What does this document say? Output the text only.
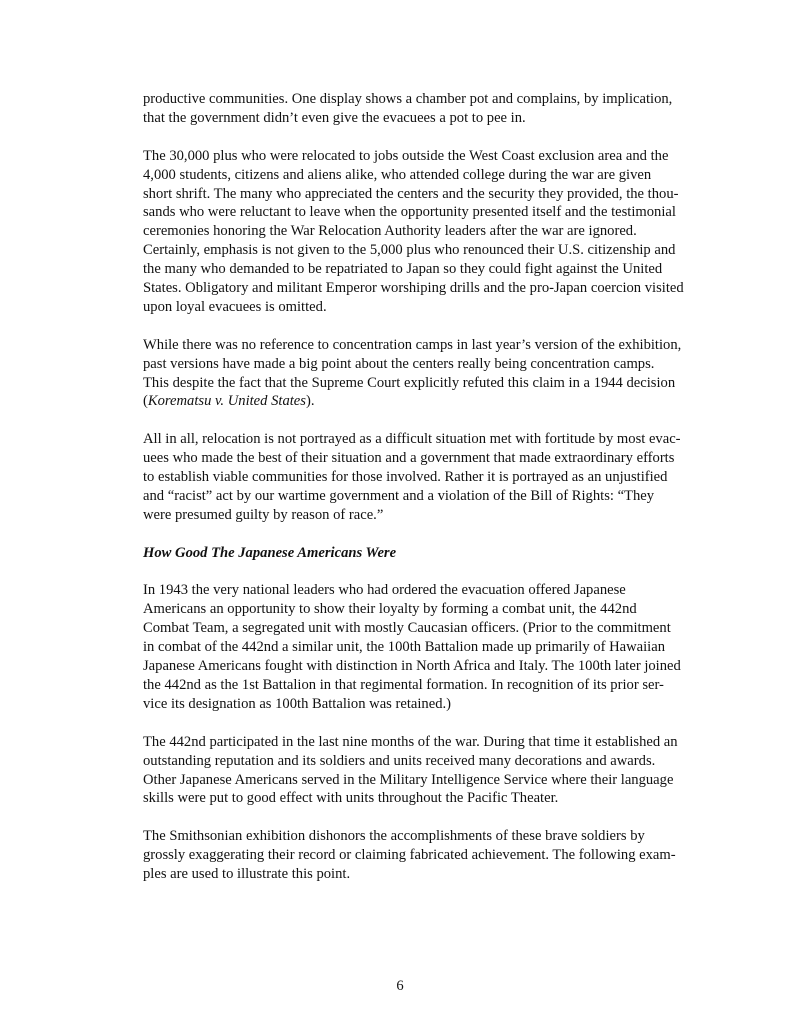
productive communities. One display shows a chamber pot and complains, by implication,
that the government didn’t even give the evacuees a pot to pee in.
The 30,000 plus who were relocated to jobs outside the West Coast exclusion area and the
4,000 students, citizens and aliens alike, who attended college during the war are given
short shrift. The many who appreciated the centers and the security they provided, the thou-
sands who were reluctant to leave when the opportunity presented itself and the testimonial
ceremonies honoring the War Relocation Authority leaders after the war are ignored.
Certainly, emphasis is not given to the 5,000 plus who renounced their U.S. citizenship and
the many who demanded to be repatriated to Japan so they could fight against the United
States. Obligatory and militant Emperor worshiping drills and the pro-Japan coercion visited
upon loyal evacuees is omitted.
While there was no reference to concentration camps in last year’s version of the exhibition,
past versions have made a big point about the centers really being concentration camps.
This despite the fact that the Supreme Court explicitly refuted this claim in a 1944 decision
(Korematsu v. United States).
All in all, relocation is not portrayed as a difficult situation met with fortitude by most evac-
uees who made the best of their situation and a government that made extraordinary efforts
to establish viable communities for those involved. Rather it is portrayed as an unjustified
and “racist” act by our wartime government and a violation of the Bill of Rights: “They
were presumed guilty by reason of race.”
How Good The Japanese Americans Were
In 1943 the very national leaders who had ordered the evacuation offered Japanese
Americans an opportunity to show their loyalty by forming a combat unit, the 442nd
Combat Team, a segregated unit with mostly Caucasian officers. (Prior to the commitment
in combat of the 442nd a similar unit, the 100th Battalion made up primarily of Hawaiian
Japanese Americans fought with distinction in North Africa and Italy. The 100th later joined
the 442nd as the 1st Battalion in that regimental formation. In recognition of its prior ser-
vice its designation as 100th Battalion was retained.)
The 442nd participated in the last nine months of the war. During that time it established an
outstanding reputation and its soldiers and units received many decorations and awards.
Other Japanese Americans served in the Military Intelligence Service where their language
skills were put to good effect with units throughout the Pacific Theater.
The Smithsonian exhibition dishonors the accomplishments of these brave soldiers by
grossly exaggerating their record or claiming fabricated achievement. The following exam-
ples are used to illustrate this point.
6
